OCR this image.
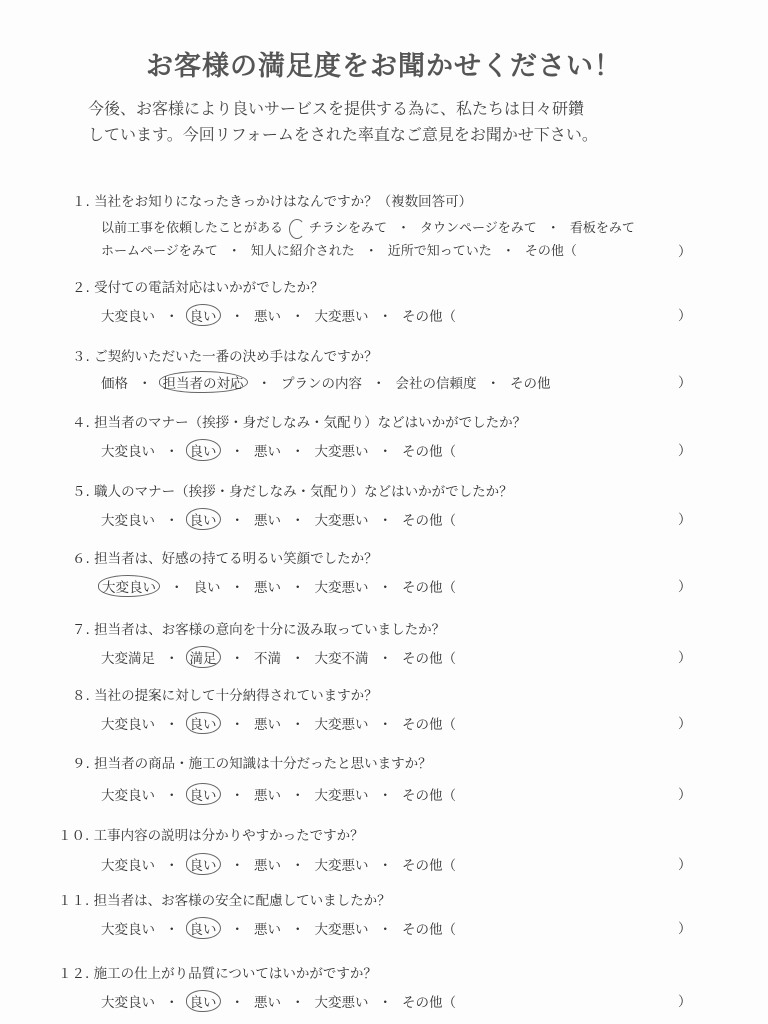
お客様の満足度をお聞かせください！
今後、お客様により良いサービスを提供する為に、私たちは日々研鑽
しています。今回リフォームをされた率直なご意見をお聞かせ下さい。
１. 当社をお知りになったきっかけはなんですか？（複数回答可）
以前工事を依頼したことがある チラシをみて ・ タウンページをみて ・ 看板をみて
ホームページをみて ・ 知人に紹介された ・ 近所で知っていた ・ その他（	）
２. 受付ての電話対応はいかがでしたか？
大変良い ・ 良い ・ 悪い ・ 大変悪い ・ その他（	）
３. ご契約いただいた一番の決め手はなんですか？
価格 ・ 担当者の対応 ・ プランの内容 ・ 会社の信頼度 ・ その他	）
４. 担当者のマナー（挨拶・身だしなみ・気配り）などはいかがでしたか？
大変良い ・ 良い ・ 悪い ・ 大変悪い ・ その他（	）
５. 職人のマナー（挨拶・身だしなみ・気配り）などはいかがでしたか？
大変良い ・ 良い ・ 悪い ・ 大変悪い ・ その他（	）
６. 担当者は、好感の持てる明るい笑顔でしたか？
大変良い ・ 良い ・ 悪い ・ 大変悪い ・ その他（	）
７. 担当者は、お客様の意向を十分に汲み取っていましたか？
大変満足 ・ 満足 ・ 不満 ・ 大変不満 ・ その他（	）
８. 当社の提案に対して十分納得されていますか？
大変良い ・ 良い ・ 悪い ・ 大変悪い ・ その他（	）
９. 担当者の商品・施工の知識は十分だったと思いますか？
大変良い ・ 良い ・ 悪い ・ 大変悪い ・ その他（	）
１０. 工事内容の説明は分かりやすかったですか？
大変良い ・ 良い ・ 悪い ・ 大変悪い ・ その他（	）
１１. 担当者は、お客様の安全に配慮していましたか？
大変良い ・ 良い ・ 悪い ・ 大変悪い ・ その他（	）
１２. 施工の仕上がり品質についてはいかがですか？
大変良い ・ 良い ・ 悪い ・ 大変悪い ・ その他（	）
